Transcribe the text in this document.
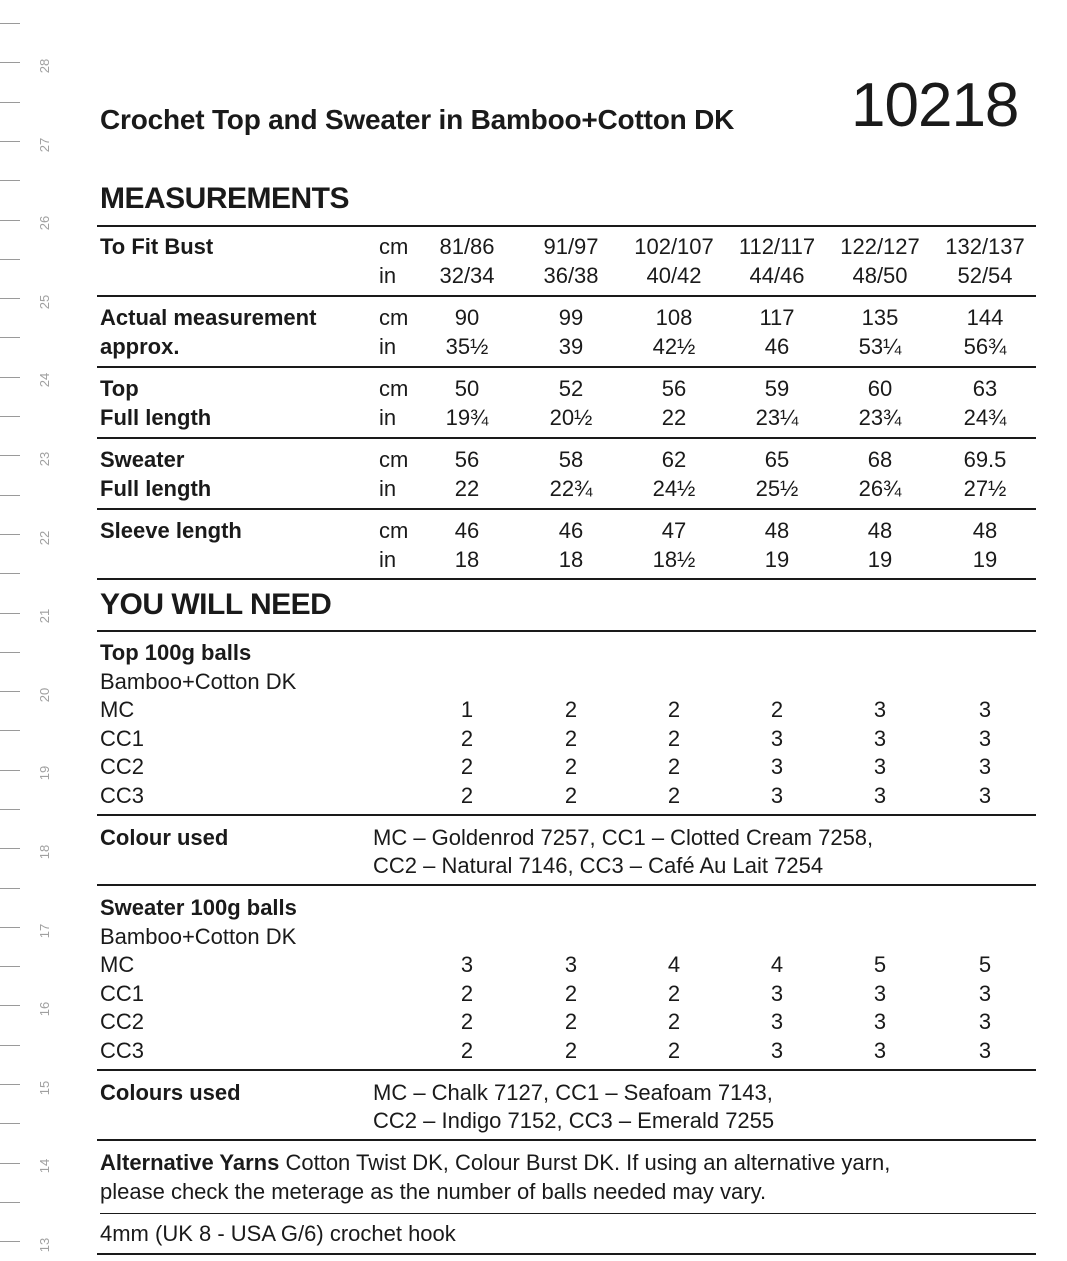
28
27
26
25
24
23
22
21
20
19
18
17
16
15
14
13
Crochet Top and Sweater in Bamboo+Cotton DK 10218
MEASUREMENTS
To Fit Bust	cm	81/86	91/97	102/107	112/117	122/127	132/137
in	32/34	36/38	40/42	44/46	48/50	52/54
Actual measurement	cm	90	99	108	117	135	144
approx.	in	35½	39	42½	46	53¼	56¾
Top	cm	50	52	56	59	60	63
Full length	in	19¾	20½	22	23¼	23¾	24¾
Sweater	cm	56	58	62	65	68	69.5
Full length	in	22	22¾	24½	25½	26¾	27½
Sleeve length	cm	46	46	47	48	48	48
in	18	18	18½	19	19	19
YOU WILL NEED
Top 100g balls
Bamboo+Cotton DK
MC	1	2	2	2	3	3
CC1	2	2	2	3	3	3
CC2	2	2	2	3	3	3
CC3	2	2	2	3	3	3
Colour used	MC – Goldenrod 7257, CC1 – Clotted Cream 7258,
CC2 – Natural 7146, CC3 – Café Au Lait 7254
Sweater 100g balls
Bamboo+Cotton DK
MC	3	3	4	4	5	5
CC1	2	2	2	3	3	3
CC2	2	2	2	3	3	3
CC3	2	2	2	3	3	3
Colours used	MC – Chalk 7127, CC1 – Seafoam 7143,
CC2 – Indigo 7152, CC3 – Emerald 7255
Alternative Yarns Cotton Twist DK, Colour Burst DK. If using an alternative yarn,
please check the meterage as the number of balls needed may vary.
4mm (UK 8 - USA G/6) crochet hook
